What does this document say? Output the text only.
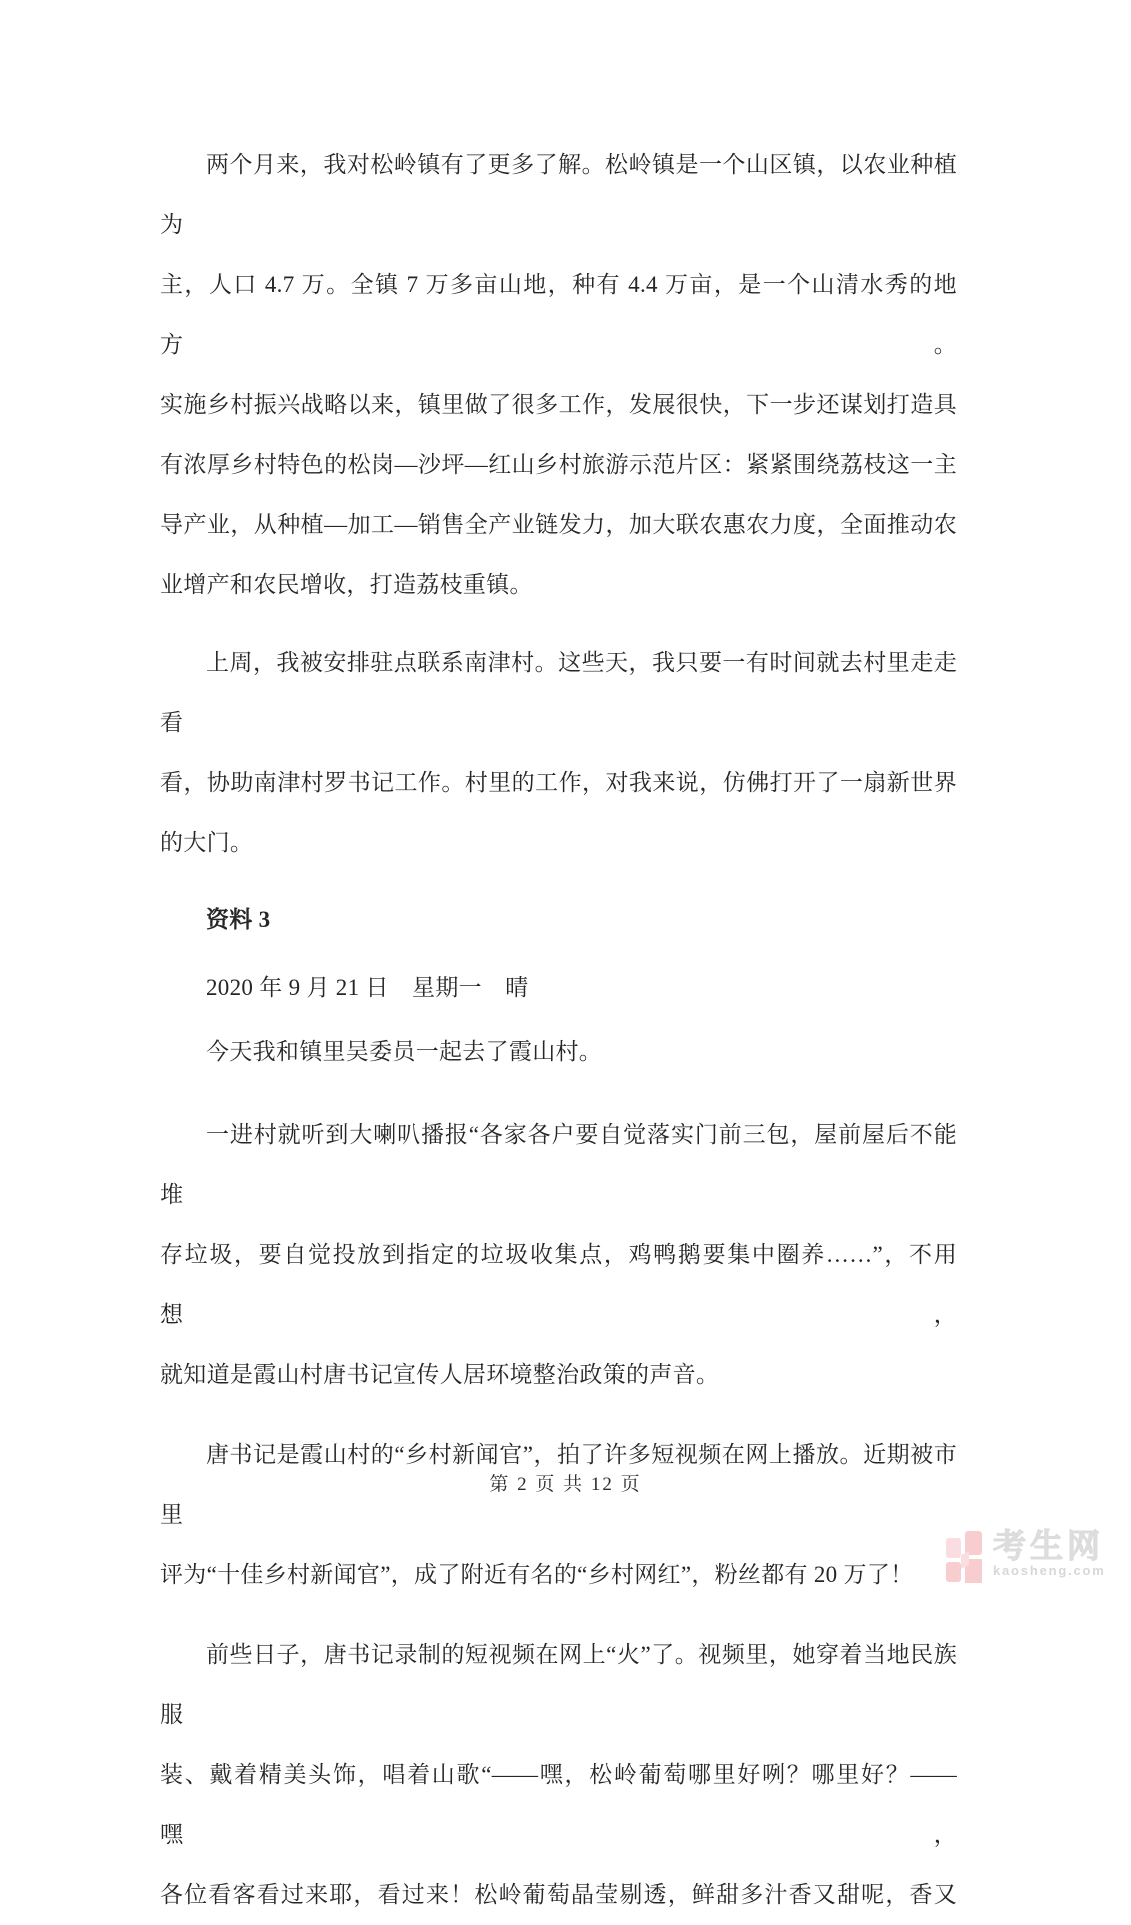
两个月来，我对松岭镇有了更多了解。松岭镇是一个山区镇，以农业种植为

主，人口 4.7 万。全镇 7 万多亩山地，种有 4.4 万亩，是一个山清水秀的地方。

实施乡村振兴战略以来，镇里做了很多工作，发展很快，下一步还谋划打造具

有浓厚乡村特色的松岗—沙坪—红山乡村旅游示范片区：紧紧围绕荔枝这一主

导产业，从种植—加工—销售全产业链发力，加大联农惠农力度，全面推动农

业增产和农民增收，打造荔枝重镇。

上周，我被安排驻点联系南津村。这些天，我只要一有时间就去村里走走看

看，协助南津村罗书记工作。村里的工作，对我来说，仿佛打开了一扇新世界

的大门。

资料 3

2020 年 9 月 21 日　星期一　晴

今天我和镇里吴委员一起去了霞山村。

一进村就听到大喇叭播报“各家各户要自觉落实门前三包，屋前屋后不能堆

存垃圾，要自觉投放到指定的垃圾收集点，鸡鸭鹅要集中圈养……”，不用想，

就知道是霞山村唐书记宣传人居环境整治政策的声音。

唐书记是霞山村的“乡村新闻官”，拍了许多短视频在网上播放。近期被市里

评为“十佳乡村新闻官”，成了附近有名的“乡村网红”，粉丝都有 20 万了！

前些日子，唐书记录制的短视频在网上“火”了。视频里，她穿着当地民族服

装、戴着精美头饰，唱着山歌“——嘿，松岭葡萄哪里好咧？哪里好？——嘿，

各位看客看过来耶，看过来！松岭葡萄晶莹剔透，鲜甜多汁香又甜呢，香又

第 2 页 共 12 页
考生网
kaosheng.com
